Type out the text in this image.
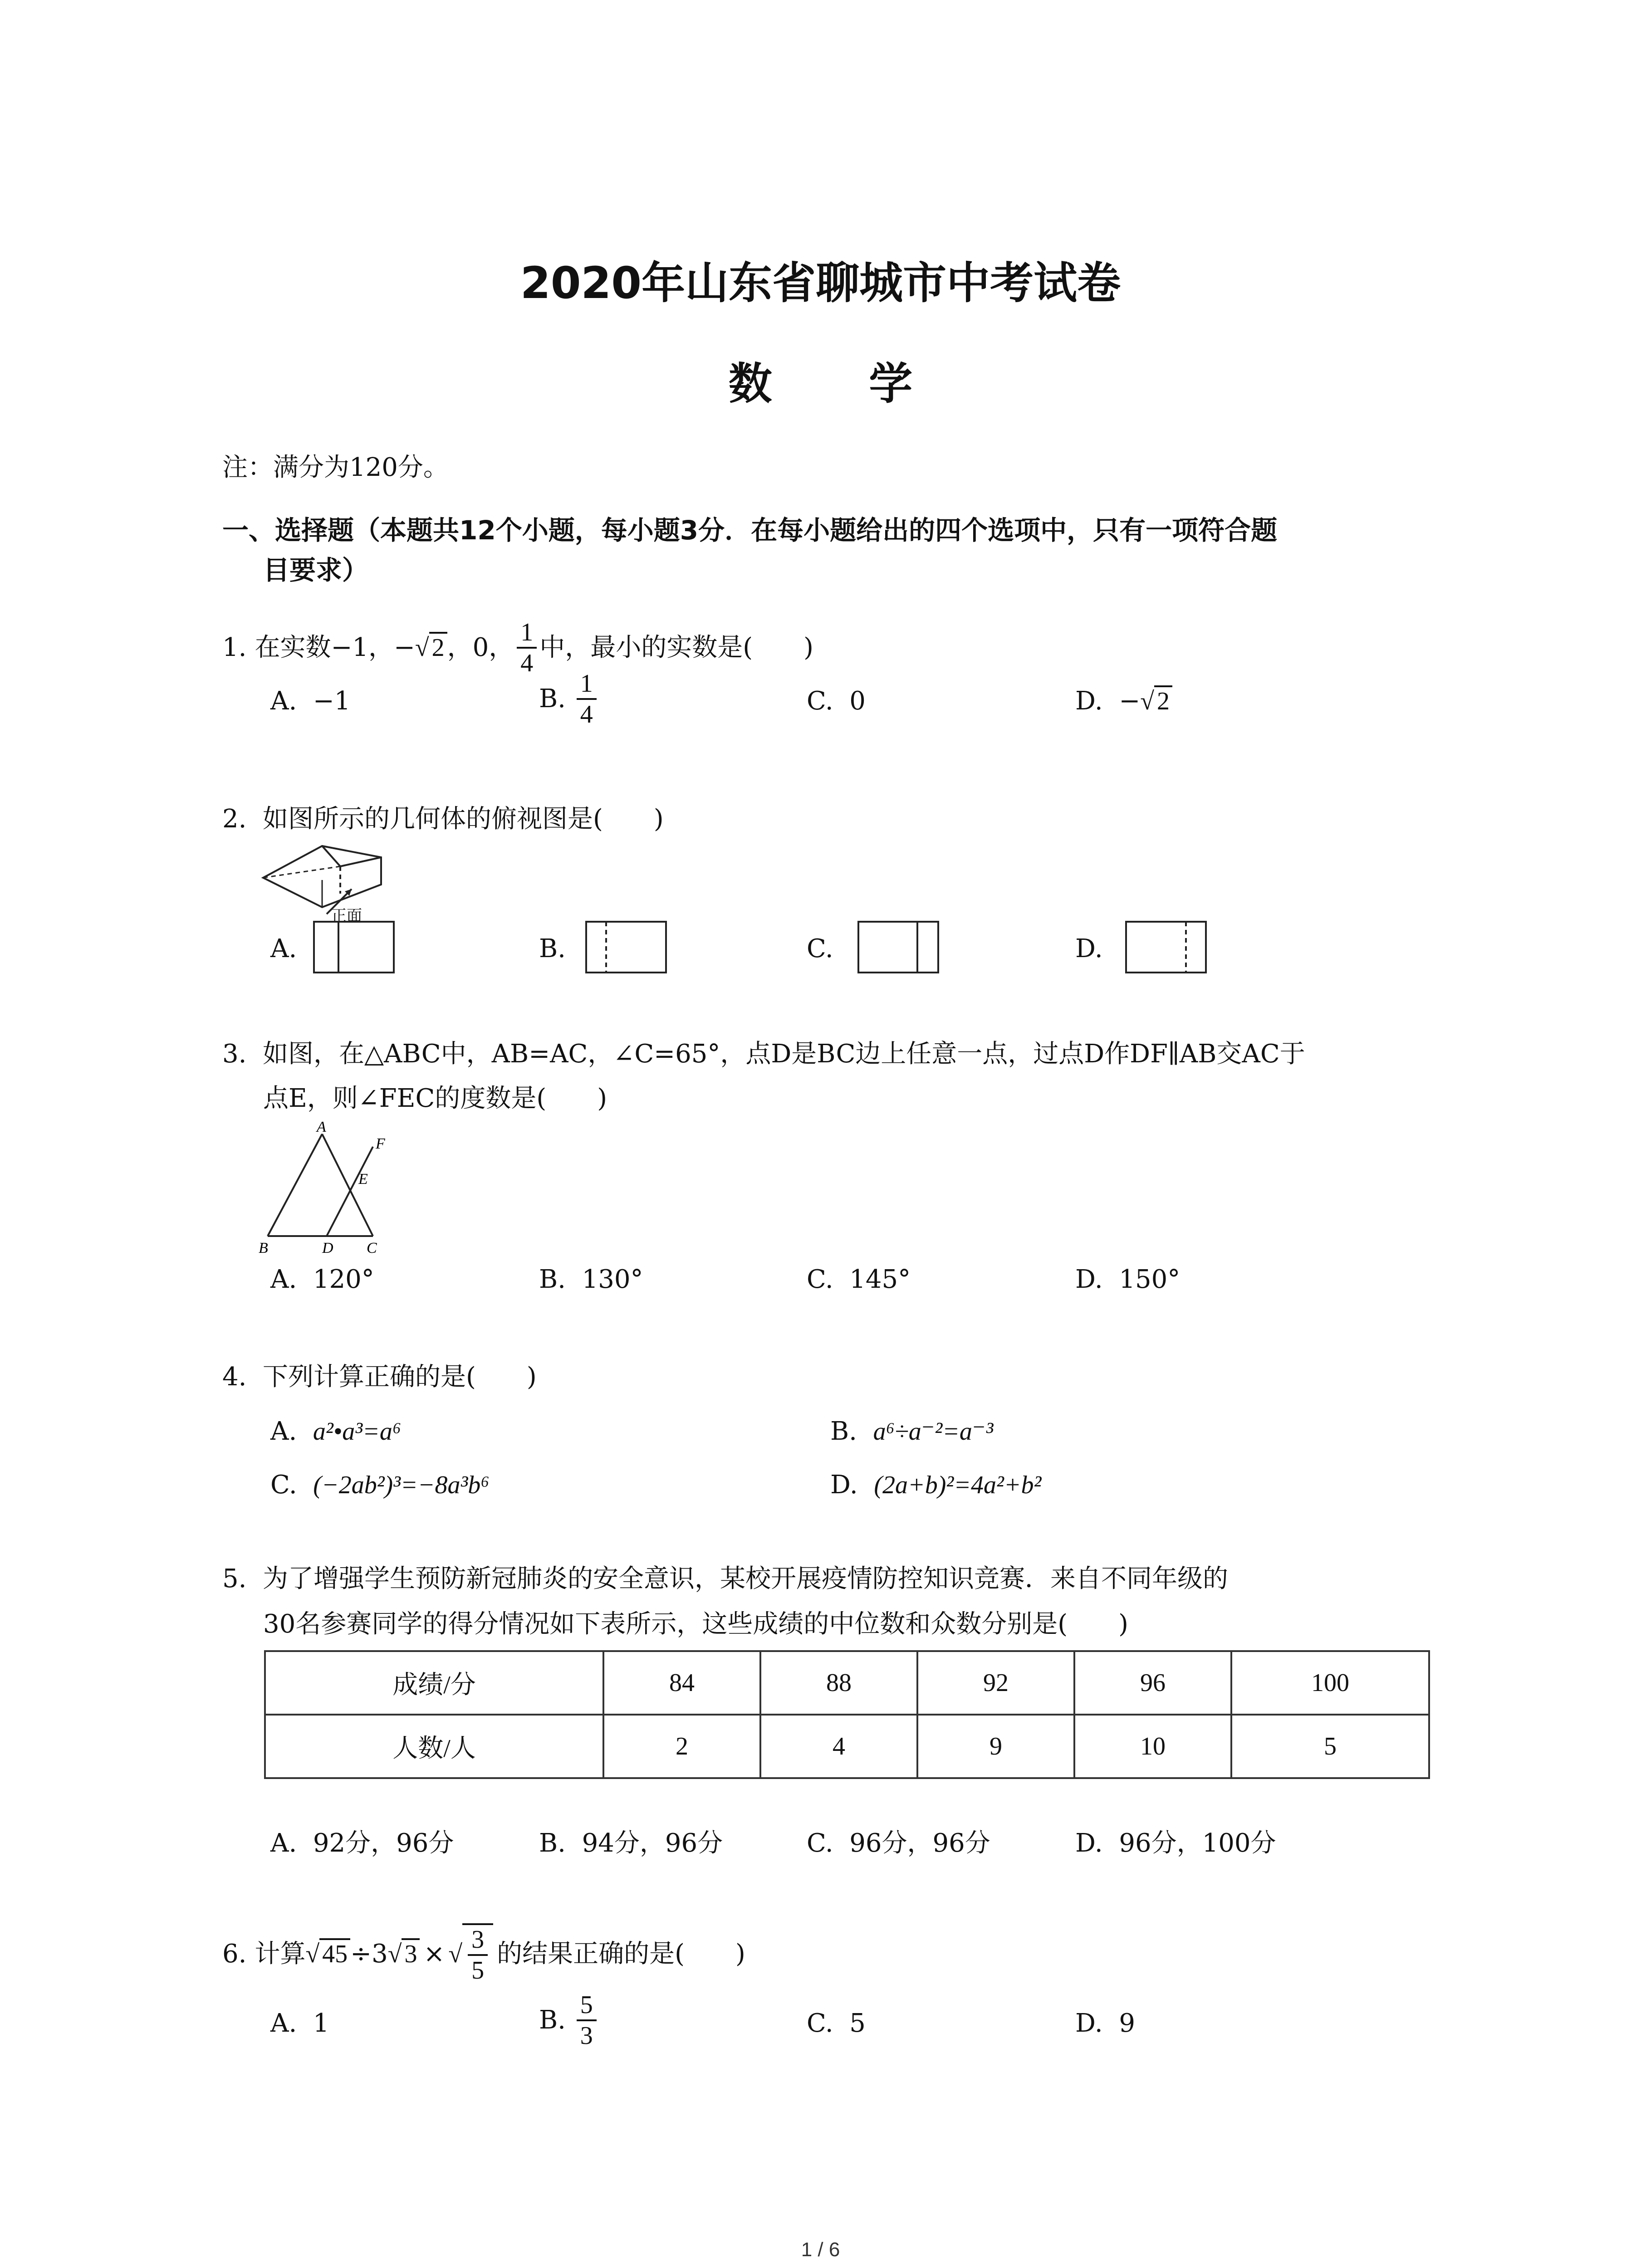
2020年山东省聊城市中考试卷
数 学
注：满分为120分。
一、选择题（本题共12个小题，每小题3分．在每小题给出的四个选项中，只有一项符合题
目要求）
1. 在实数−1，− √ 2 ，0， $\frac{1}{4}$ 中，最小的实数是(　　)
A. −1	B.
$\frac{1}{4}$	C. 0	D. −√ 2
2. 如图所示的几何体的俯视图是(　　)
正面
A.	B.	C.	D.
3. 如图，在△ABC中，AB=AC，∠C=65°，点D是BC边上任意一点，过点D作DF∥AB交AC于
点E，则∠FEC的度数是(　　)
A
F
E
B	D C
A. 120°	B. 130°	C. 145°	D. 150°
4. 下列计算正确的是(　　)
A. a²•a³=a⁶	B. a⁶÷a⁻²=a⁻³
C. (−2ab²)³=−8a³b⁶	D. (2a+b)²=4a²+b²
5. 为了增强学生预防新冠肺炎的安全意识，某校开展疫情防控知识竞赛．来自不同年级的
30名参赛同学的得分情况如下表所示，这些成绩的中位数和众数分别是(　　)
成绩/分	84	88	92	96	100
人数/人	2	4	9	10	5
A. 92分，96分	B. 94分，96分	C. 96分，96分	D. 96分，100分
6. 计算 √ 45 ÷3 √ 3 × √ $\frac{3}{5}$ 的结果正确的是(　　)
A. 1	B.
$\frac{5}{3}$	C. 5	D. 9
1 / 6
